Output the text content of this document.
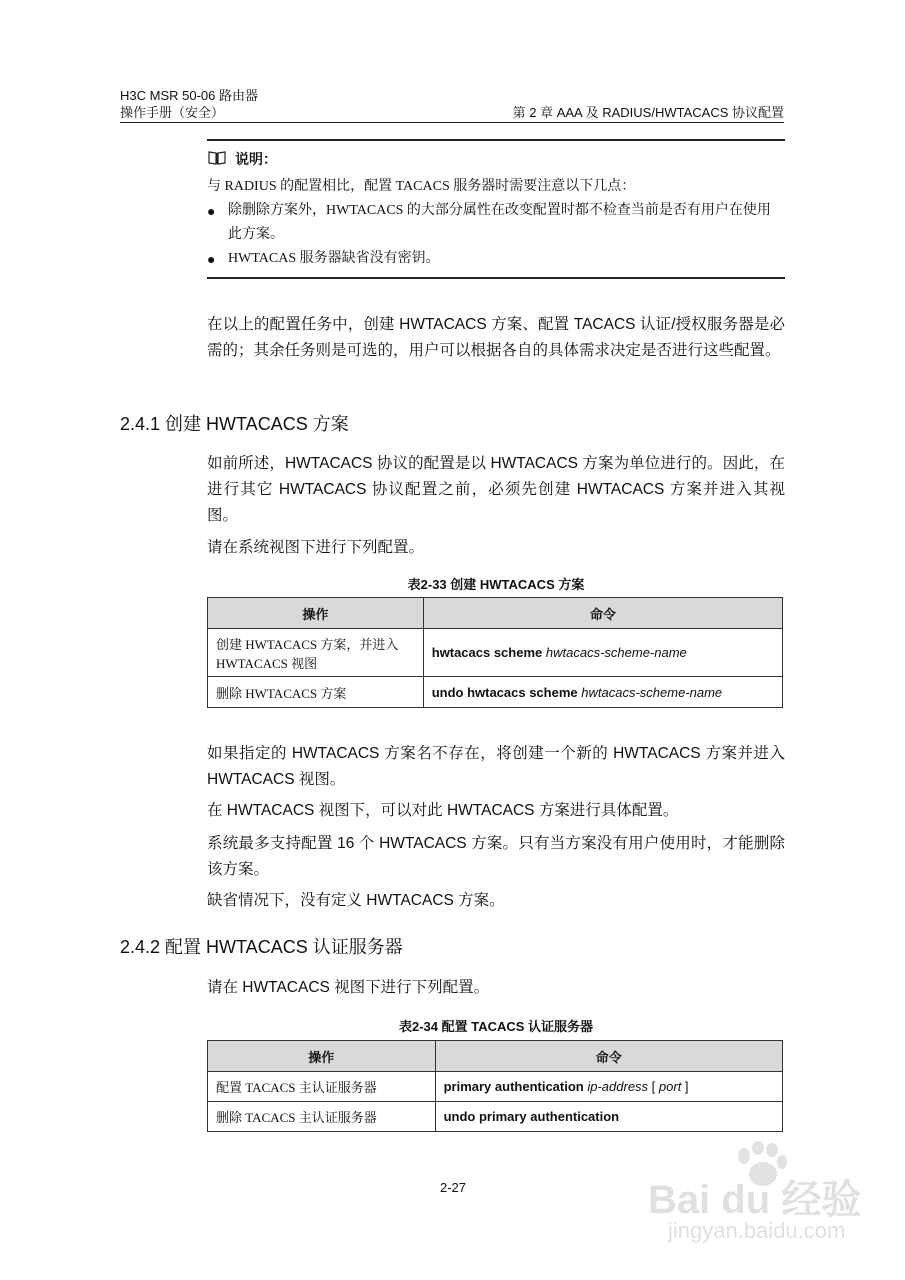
H3C MSR 50-06 路由器
操作手册（安全）	第 2 章 AAA 及 RADIUS/HWTACACS 协议配置
说明：
与 RADIUS 的配置相比，配置 TACACS 服务器时需要注意以下几点：
● 除删除方案外，HWTACACS 的大部分属性在改变配置时都不检查当前是否有用户在使用此方案。
● HWTACAS 服务器缺省没有密钥。
在以上的配置任务中，创建 HWTACACS 方案、配置 TACACS 认证/授权服务器是必需的；其余任务则是可选的，用户可以根据各自的具体需求决定是否进行这些配置。
2.4.1 创建 HWTACACS 方案
如前所述，HWTACACS 协议的配置是以 HWTACACS 方案为单位进行的。因此，在进行其它 HWTACACS 协议配置之前，必须先创建 HWTACACS 方案并进入其视图。
请在系统视图下进行下列配置。
表2-33 创建 HWTACACS 方案
操作	命令
创建 HWTACACS 方案，并进入 HWTACACS 视图	hwtacacs scheme hwtacacs-scheme-name
删除 HWTACACS 方案	undo hwtacacs scheme hwtacacs-scheme-name
如果指定的 HWTACACS 方案名不存在，将创建一个新的 HWTACACS 方案并进入 HWTACACS 视图。
在 HWTACACS 视图下，可以对此 HWTACACS 方案进行具体配置。
系统最多支持配置 16 个 HWTACACS 方案。只有当方案没有用户使用时，才能删除该方案。
缺省情况下，没有定义 HWTACACS 方案。
2.4.2 配置 HWTACACS 认证服务器
请在 HWTACACS 视图下进行下列配置。
表2-34 配置 TACACS 认证服务器
操作	命令
配置 TACACS 主认证服务器	primary authentication ip-address [ port ]
删除 TACACS 主认证服务器	undo primary authentication
2-27	Bai du 经验
jingyan.baidu.com
